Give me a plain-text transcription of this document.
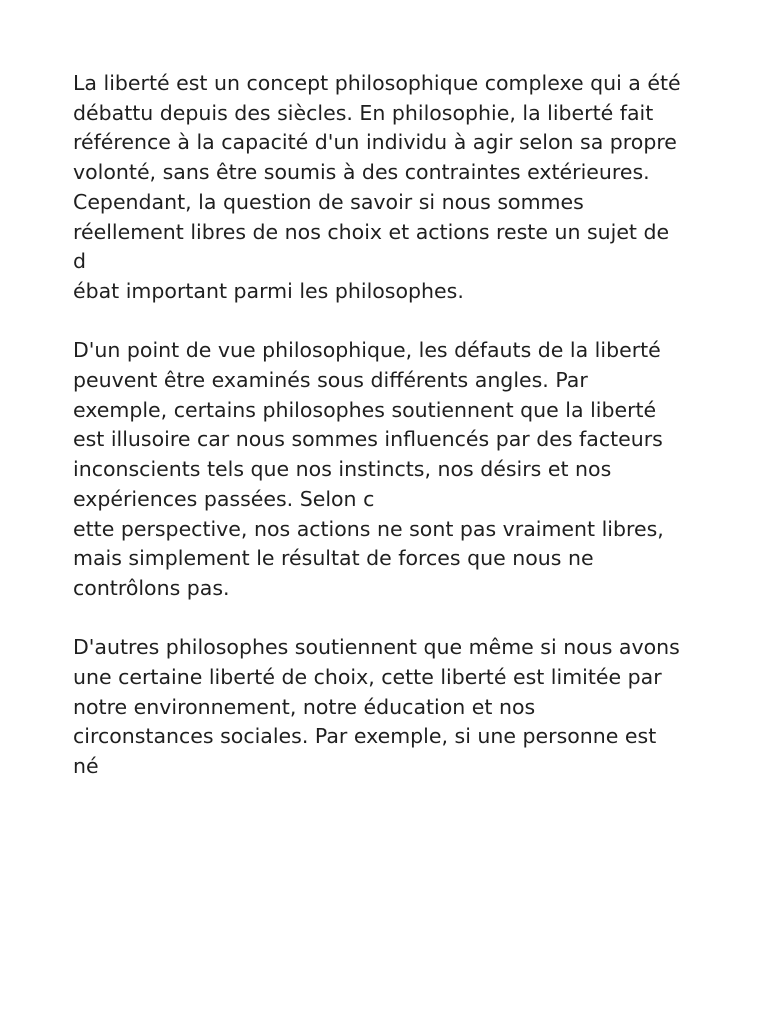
La liberté est un concept philosophique complexe qui a été
débattu depuis des siècles. En philosophie, la liberté fait
référence à la capacité d'un individu à agir selon sa propre
volonté, sans être soumis à des contraintes extérieures.
Cependant, la question de savoir si nous sommes
réellement libres de nos choix et actions reste un sujet de
d
ébat important parmi les philosophes.

D'un point de vue philosophique, les défauts de la liberté
peuvent être examinés sous différents angles. Par
exemple, certains philosophes soutiennent que la liberté
est illusoire car nous sommes influencés par des facteurs
inconscients tels que nos instincts, nos désirs et nos
expériences passées. Selon c
ette perspective, nos actions ne sont pas vraiment libres,
mais simplement le résultat de forces que nous ne
contrôlons pas.

D'autres philosophes soutiennent que même si nous avons
une certaine liberté de choix, cette liberté est limitée par
notre environnement, notre éducation et nos
circonstances sociales. Par exemple, si une personne est
né
